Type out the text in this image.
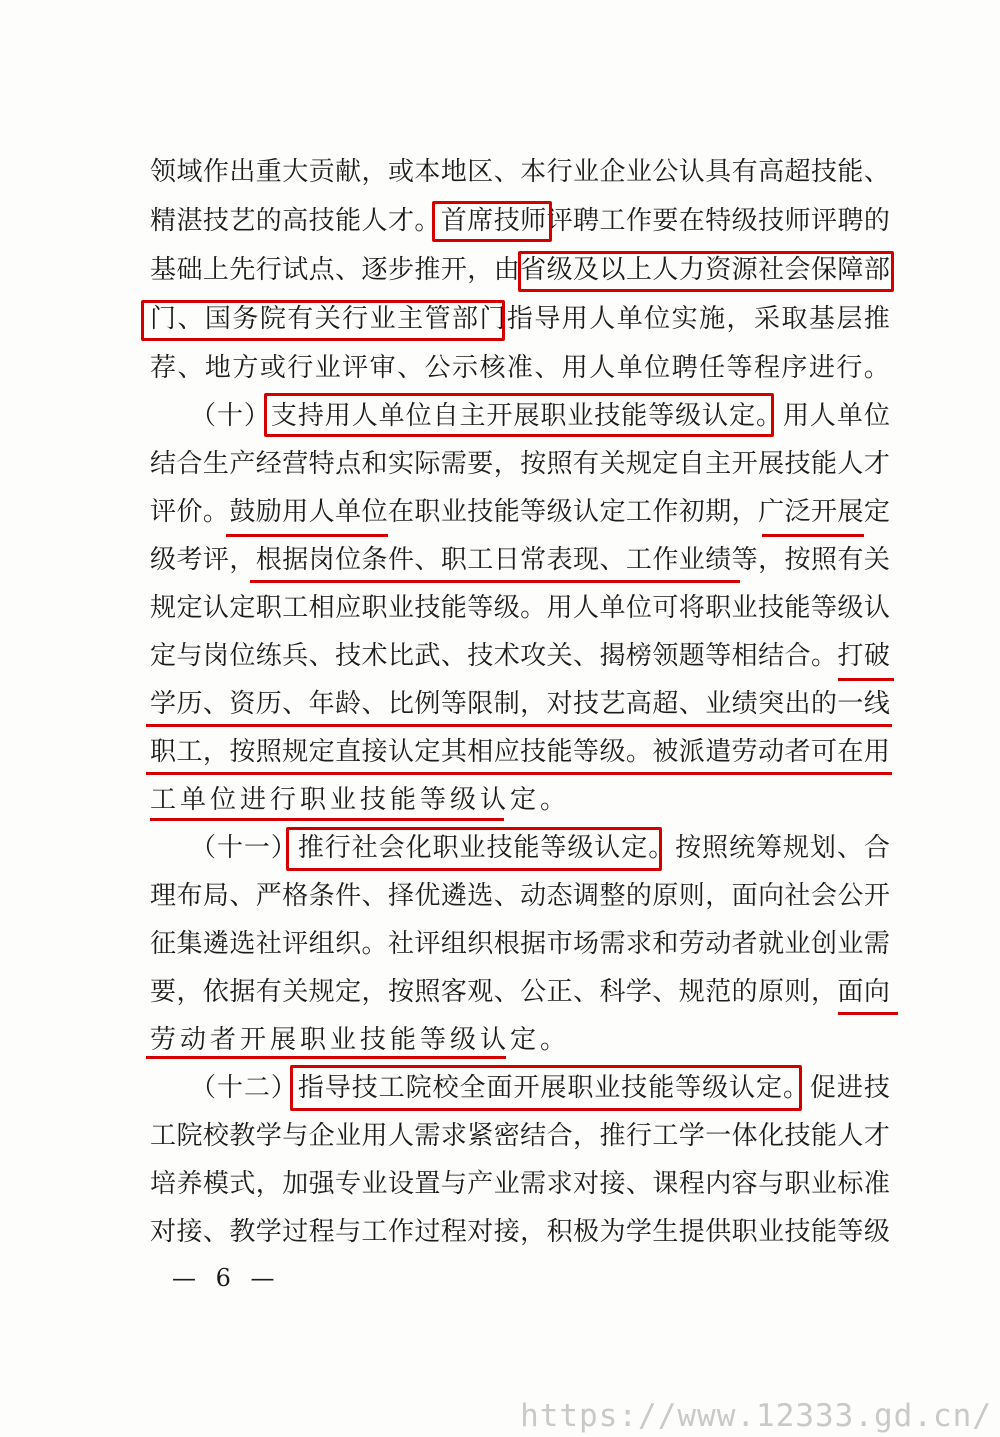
领 域 作 出 重 大 贡 献 ， 或 本 地 区 、 本 行 业 企 业 公 认 具 有 高 超 技 能 、
精 湛 技 艺 的 高 技 能 人 才 。 首 席 技 师 评 聘 工 作 要 在 特 级 技 师 评 聘 的
基 础 上 先 行 试 点 、 逐 步 推 开 ， 由 省 级 及 以 上 人 力 资 源 社 会 保 障 部
门 、 国 务 院 有 关 行 业 主 管 部 门 指 导 用 人 单 位 实 施 ， 采 取 基 层 推
荐 、 地 方 或 行 业 评 审 、 公 示 核 准 、 用 人 单 位 聘 任 等 程 序 进 行 。
（ 十 ） 支 持 用 人 单 位 自 主 开 展 职 业 技 能 等 级 认 定 。 用 人 单 位
结 合 生 产 经 营 特 点 和 实 际 需 要 ， 按 照 有 关 规 定 自 主 开 展 技 能 人 才
评 价 。 鼓 励 用 人 单 位 在 职 业 技 能 等 级 认 定 工 作 初 期 ， 广 泛 开 展 定
级 考 评 ， 根 据 岗 位 条 件 、 职 工 日 常 表 现 、 工 作 业 绩 等 ， 按 照 有 关
规 定 认 定 职 工 相 应 职 业 技 能 等 级 。 用 人 单 位 可 将 职 业 技 能 等 级 认
定 与 岗 位 练 兵 、 技 术 比 武 、 技 术 攻 关 、 揭 榜 领 题 等 相 结 合 。 打 破
学 历 、 资 历 、 年 龄 、 比 例 等 限 制 ， 对 技 艺 高 超 、 业 绩 突 出 的 一 线
职 工 ， 按 照 规 定 直 接 认 定 其 相 应 技 能 等 级 。 被 派 遣 劳 动 者 可 在 用
工单位进行职业技能等级认定。
（ 十 一 ） 推 行 社 会 化 职 业 技 能 等 级 认 定 。 按 照 统 筹 规 划 、 合
理 布 局 、 严 格 条 件 、 择 优 遴 选 、 动 态 调 整 的 原 则 ， 面 向 社 会 公 开
征 集 遴 选 社 评 组 织 。 社 评 组 织 根 据 市 场 需 求 和 劳 动 者 就 业 创 业 需
要 ， 依 据 有 关 规 定 ， 按 照 客 观 、 公 正 、 科 学 、 规 范 的 原 则 ， 面 向
劳动者开展职业技能等级认定。
（ 十 二 ） 指 导 技 工 院 校 全 面 开 展 职 业 技 能 等 级 认 定 。 促 进 技
工 院 校 教 学 与 企 业 用 人 需 求 紧 密 结 合 ， 推 行 工 学 一 体 化 技 能 人 才
培 养 模 式 ， 加 强 专 业 设 置 与 产 业 需 求 对 接 、 课 程 内 容 与 职 业 标 准
对 接 、 教 学 过 程 与 工 作 过 程 对 接 ， 积 极 为 学 生 提 供 职 业 技 能 等 级
— 6 —
https://www.12333.gd.cn/
